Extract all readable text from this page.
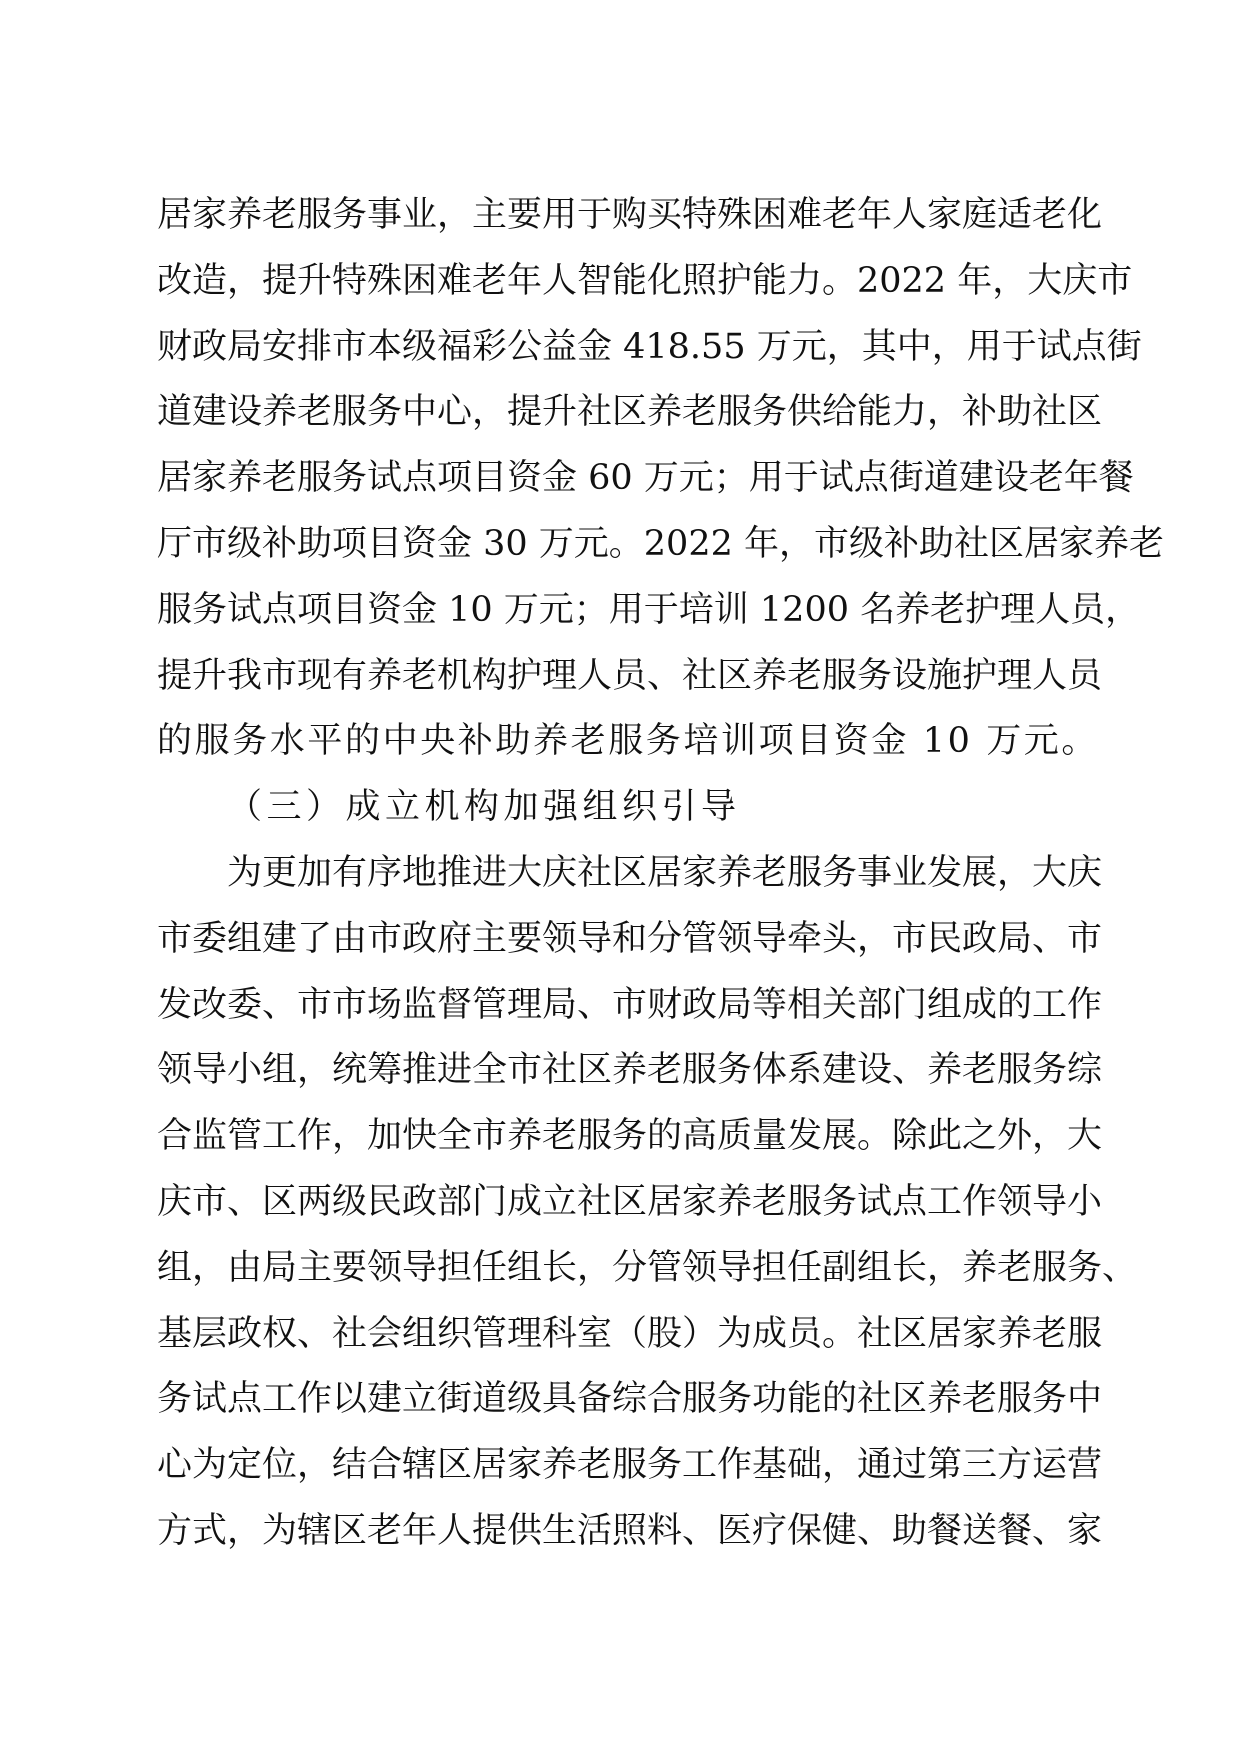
居家养老服务事业，主要用于购买特殊困难老年人家庭适老化
改造，提升特殊困难老年人智能化照护能力。2022 年，大庆市
财政局安排市本级福彩公益金 418.55 万元，其中，用于试点街
道建设养老服务中心，提升社区养老服务供给能力，补助社区
居家养老服务试点项目资金 60 万元；用于试点街道建设老年餐
厅市级补助项目资金 30 万元。2022 年，市级补助社区居家养老
服务试点项目资金 10 万元；用于培训 1200 名养老护理人员，
提升我市现有养老机构护理人员、社区养老服务设施护理人员
的服务水平的中央补助养老服务培训项目资金 10 万元。
（三）成立机构加强组织引导
为更加有序地推进大庆社区居家养老服务事业发展，大庆
市委组建了由市政府主要领导和分管领导牵头，市民政局、市
发改委、市市场监督管理局、市财政局等相关部门组成的工作
领导小组，统筹推进全市社区养老服务体系建设、养老服务综
合监管工作，加快全市养老服务的高质量发展。除此之外，大
庆市、区两级民政部门成立社区居家养老服务试点工作领导小
组，由局主要领导担任组长，分管领导担任副组长，养老服务、
基层政权、社会组织管理科室（股）为成员。社区居家养老服
务试点工作以建立街道级具备综合服务功能的社区养老服务中
心为定位，结合辖区居家养老服务工作基础，通过第三方运营
方式，为辖区老年人提供生活照料、医疗保健、助餐送餐、家
